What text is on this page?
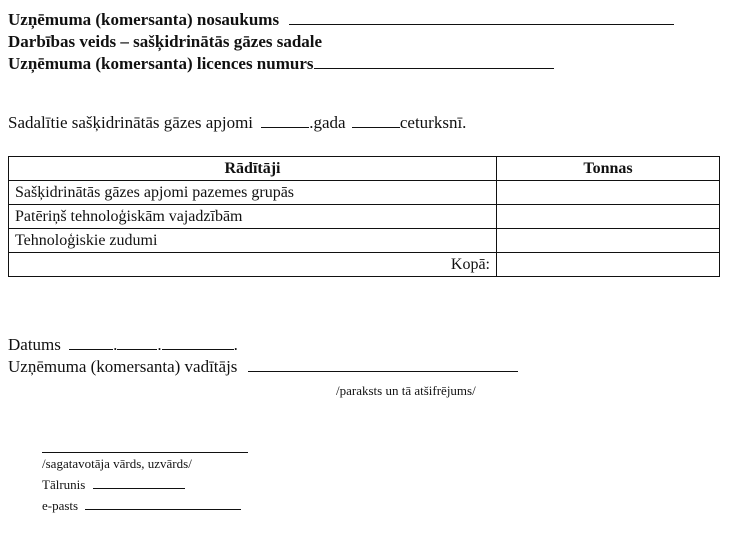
Uzņēmuma (komersanta) nosaukums
Darbības veids – sašķidrinātās gāzes sadale
Uzņēmuma (komersanta) licences numurs
Sadalītie sašķidrinātās gāzes apjomi	.gada	ceturksnī.
Rādītāji	Tonnas
Sašķidrinātās gāzes apjomi pazemes grupās	
Patēriņš tehnoloģiskām vajadzībām	
Tehnoloģiskie zudumi	
Kopā:	
Datums	. .	.
Uzņēmuma (komersanta) vadītājs
/paraksts un tā atšifrējums/
/sagatavotāja vārds, uzvārds/
Tālrunis
e-pasts
